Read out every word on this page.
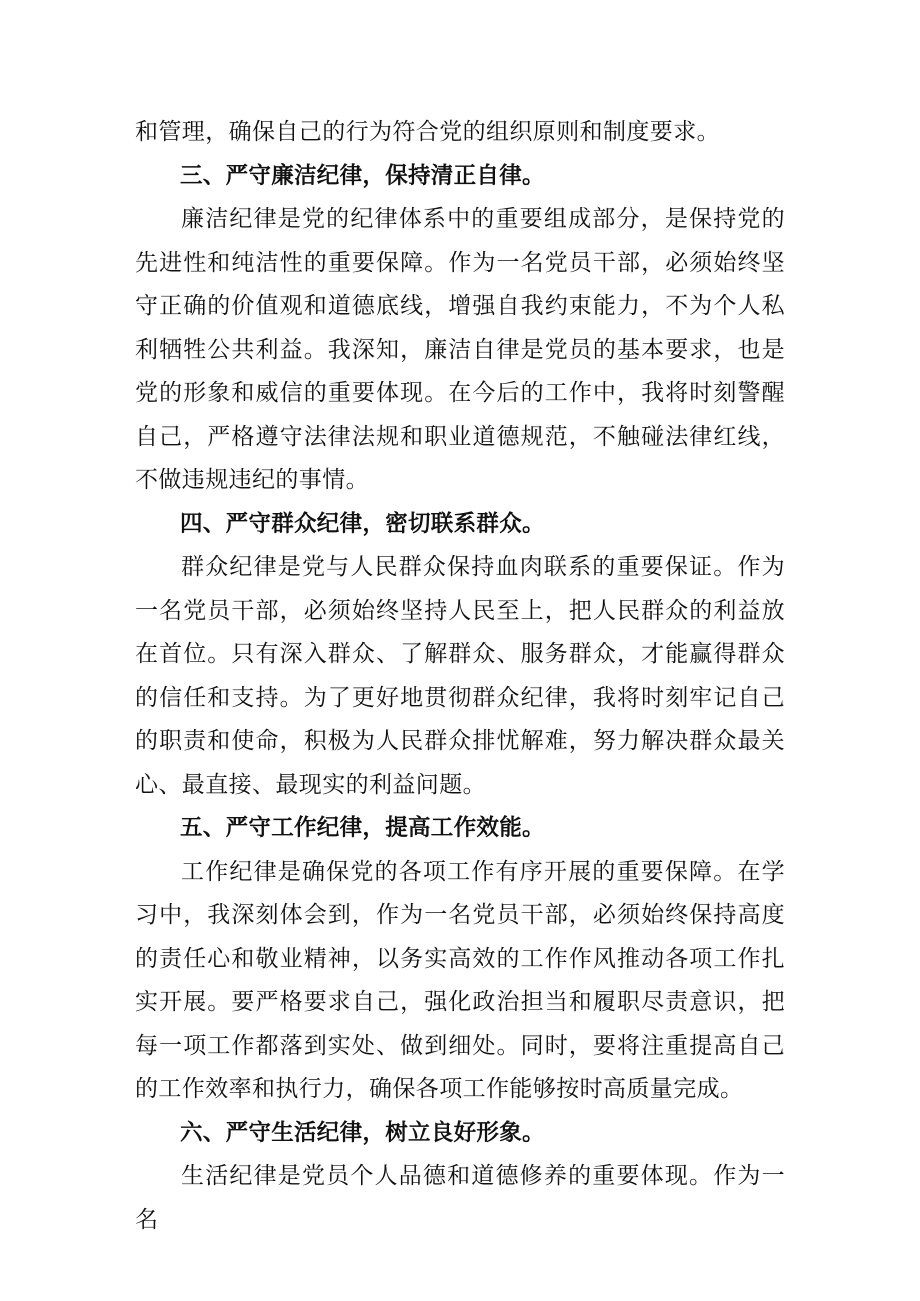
和管理，确保自己的行为符合党的组织原则和制度要求。

三、严守廉洁纪律，保持清正自律。

廉洁纪律是党的纪律体系中的重要组成部分，是保持党的先进性和纯洁性的重要保障。作为一名党员干部，必须始终坚守正确的价值观和道德底线，增强自我约束能力，不为个人私利牺牲公共利益。我深知，廉洁自律是党员的基本要求，也是党的形象和威信的重要体现。在今后的工作中，我将时刻警醒自己，严格遵守法律法规和职业道德规范，不触碰法律红线，不做违规违纪的事情。

四、严守群众纪律，密切联系群众。

群众纪律是党与人民群众保持血肉联系的重要保证。作为一名党员干部，必须始终坚持人民至上，把人民群众的利益放在首位。只有深入群众、了解群众、服务群众，才能赢得群众的信任和支持。为了更好地贯彻群众纪律，我将时刻牢记自己的职责和使命，积极为人民群众排忧解难，努力解决群众最关心、最直接、最现实的利益问题。

五、严守工作纪律，提高工作效能。

工作纪律是确保党的各项工作有序开展的重要保障。在学习中，我深刻体会到，作为一名党员干部，必须始终保持高度的责任心和敬业精神，以务实高效的工作作风推动各项工作扎实开展。要严格要求自己，强化政治担当和履职尽责意识，把每一项工作都落到实处、做到细处。同时，要将注重提高自己的工作效率和执行力，确保各项工作能够按时高质量完成。

六、严守生活纪律，树立良好形象。

生活纪律是党员个人品德和道德修养的重要体现。作为一名
